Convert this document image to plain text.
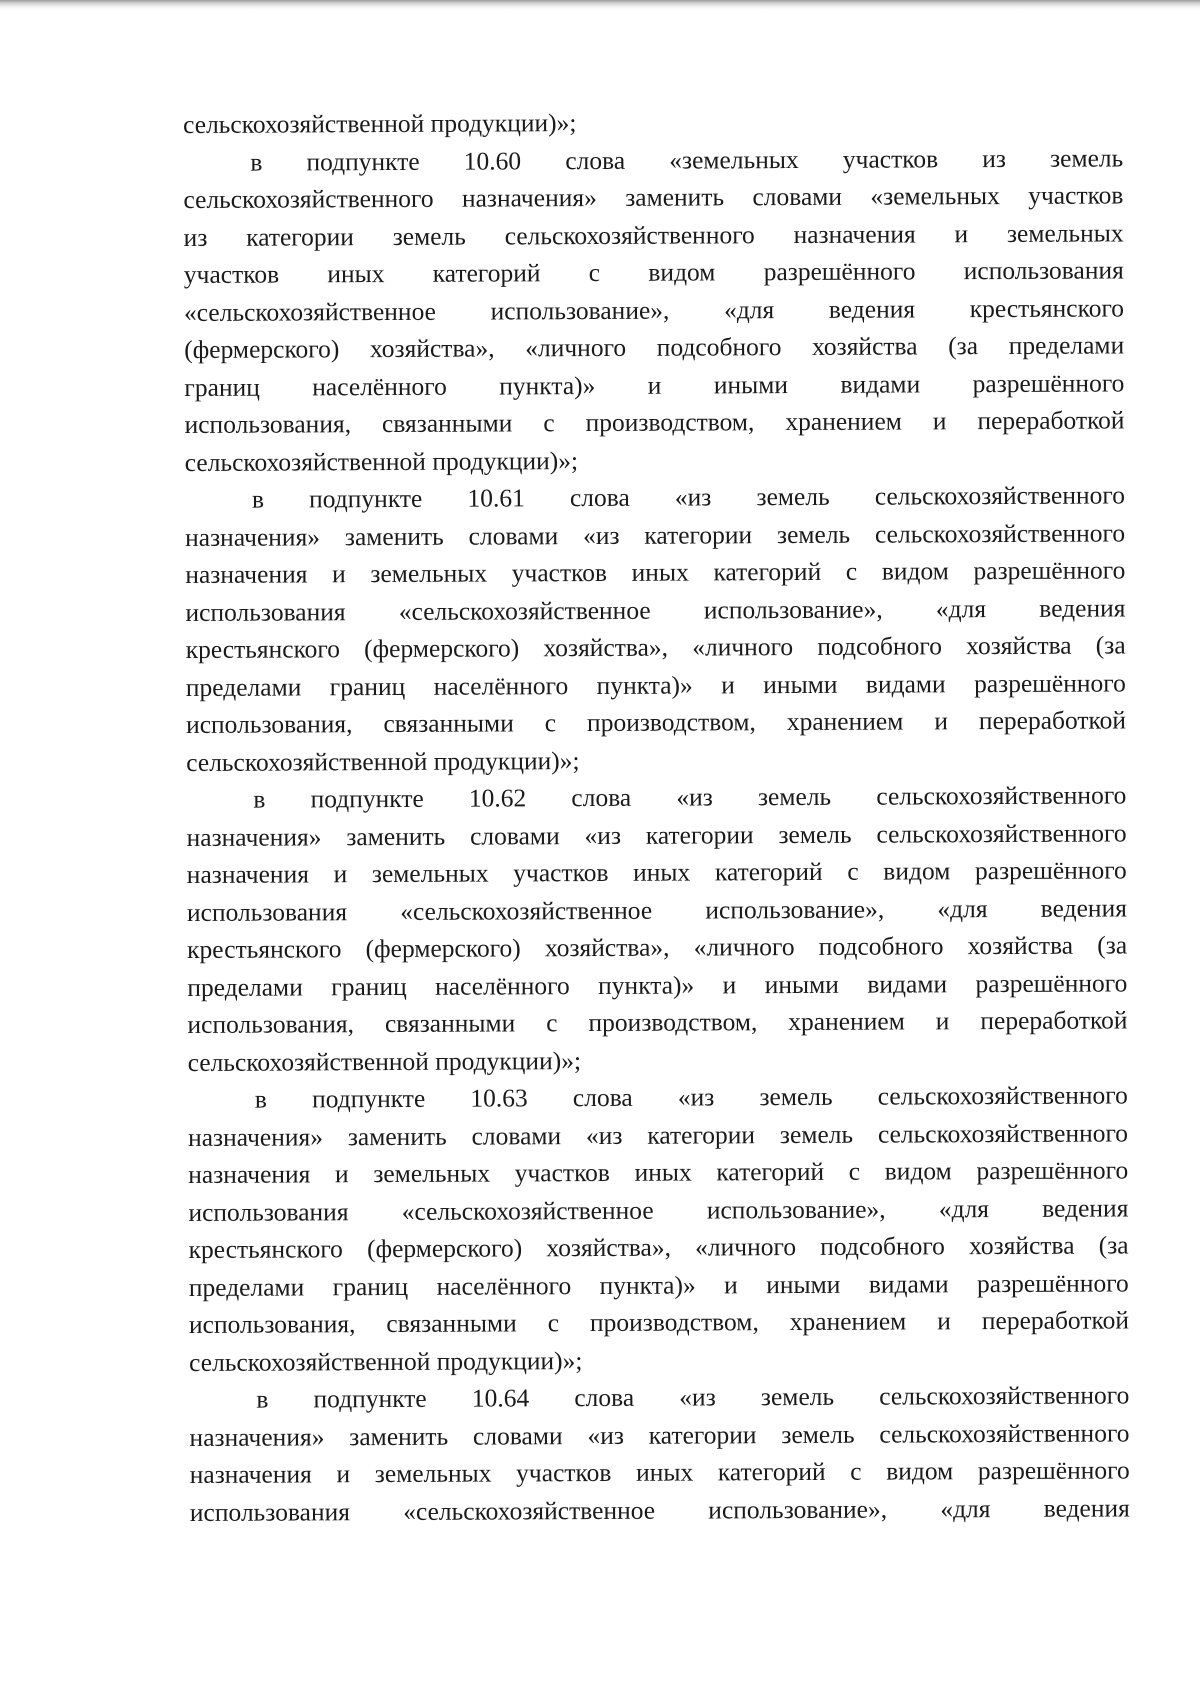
сельскохозяйственной продукции)»;
в подпункте 10.60 слова «земельных участков из земель
сельскохозяйственного назначения» заменить словами «земельных участков
из категории земель сельскохозяйственного назначения и земельных
участков иных категорий с видом разрешённого использования
«сельскохозяйственное использование», «для ведения крестьянского
(фермерского) хозяйства», «личного подсобного хозяйства (за пределами
границ населённого пункта)» и иными видами разрешённого
использования, связанными с производством, хранением и переработкой
сельскохозяйственной продукции)»;
в подпункте 10.61 слова «из земель сельскохозяйственного
назначения» заменить словами «из категории земель сельскохозяйственного
назначения и земельных участков иных категорий с видом разрешённого
использования «сельскохозяйственное использование», «для ведения
крестьянского (фермерского) хозяйства», «личного подсобного хозяйства (за
пределами границ населённого пункта)» и иными видами разрешённого
использования, связанными с производством, хранением и переработкой
сельскохозяйственной продукции)»;
в подпункте 10.62 слова «из земель сельскохозяйственного
назначения» заменить словами «из категории земель сельскохозяйственного
назначения и земельных участков иных категорий с видом разрешённого
использования «сельскохозяйственное использование», «для ведения
крестьянского (фермерского) хозяйства», «личного подсобного хозяйства (за
пределами границ населённого пункта)» и иными видами разрешённого
использования, связанными с производством, хранением и переработкой
сельскохозяйственной продукции)»;
в подпункте 10.63 слова «из земель сельскохозяйственного
назначения» заменить словами «из категории земель сельскохозяйственного
назначения и земельных участков иных категорий с видом разрешённого
использования «сельскохозяйственное использование», «для ведения
крестьянского (фермерского) хозяйства», «личного подсобного хозяйства (за
пределами границ населённого пункта)» и иными видами разрешённого
использования, связанными с производством, хранением и переработкой
сельскохозяйственной продукции)»;
в подпункте 10.64 слова «из земель сельскохозяйственного
назначения» заменить словами «из категории земель сельскохозяйственного
назначения и земельных участков иных категорий с видом разрешённого
использования «сельскохозяйственное использование», «для ведения
